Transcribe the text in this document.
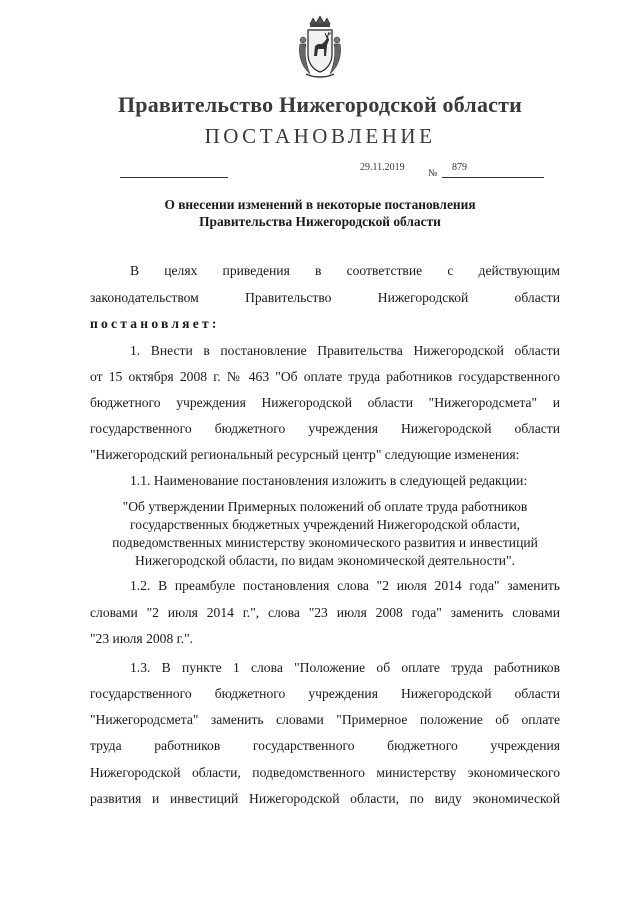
Правительство Нижегородской области
ПОСТАНОВЛЕНИЕ
29.11.2019
№
879
О внесении изменений в некоторые постановления
Правительства Нижегородской области
В целях приведения в соответствие с действующим
законодательством Правительство Нижегородской области
постановляет:
1. Внести в постановление Правительства Нижегородской области
от 15 октября 2008 г. № 463 "Об оплате труда работников государственного
бюджетного учреждения Нижегородской области "Нижегородсмета" и
государственного бюджетного учреждения Нижегородской области
"Нижегородский региональный ресурсный центр" следующие изменения:
1.1. Наименование постановления изложить в следующей редакции:
"Об утверждении Примерных положений об оплате труда работников
государственных бюджетных учреждений Нижегородской области,
подведомственных министерству экономического развития и инвестиций
Нижегородской области, по видам экономической деятельности".
1.2. В преамбуле постановления слова "2 июля 2014 года" заменить
словами "2 июля 2014 г.", слова "23 июля 2008 года" заменить словами
"23 июля 2008 г.".
1.3. В пункте 1 слова "Положение об оплате труда работников
государственного бюджетного учреждения Нижегородской области
"Нижегородсмета" заменить словами "Примерное положение об оплате
труда работников государственного бюджетного учреждения
Нижегородской области, подведомственного министерству экономического
развития и инвестиций Нижегородской области, по виду экономической
